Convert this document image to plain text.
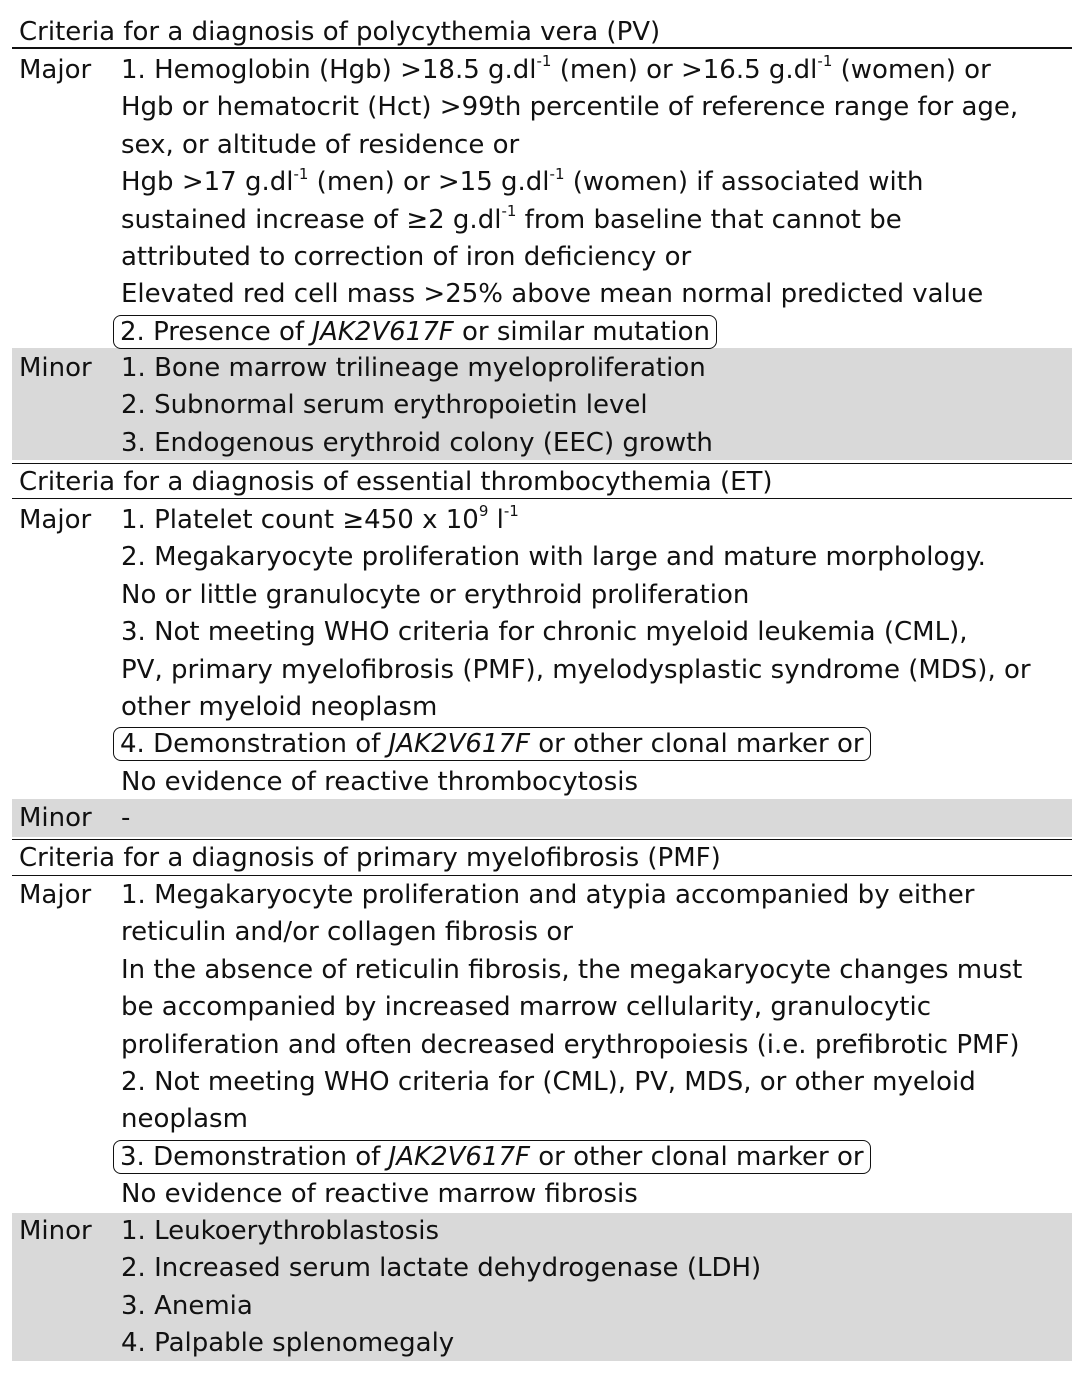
Criteria for a diagnosis of polycythemia vera (PV)
Major 1. Hemoglobin (Hgb) >18.5 $g.dl^{-1}$ (men) or >16.5 $g.dl^{-1}$ (women) or
Hgb or hematocrit (Hct) >99th percentile of reference range for age,
sex, or altitude of residence or
Hgb >17 $g.dl^{-1}$ (men) or >15 $g.dl^{-1}$ (women) if associated with
sustained increase of ≥2 $g.dl^{-1}$ from baseline that cannot be
attributed to correction of iron deficiency or
Elevated red cell mass >25% above mean normal predicted value
2. Presence of JAK2V617F or similar mutation
Minor 1. Bone marrow trilineage myeloproliferation
2. Subnormal serum erythropoietin level
3. Endogenous erythroid colony (EEC) growth
Criteria for a diagnosis of essential thrombocythemia (ET)
Major 1. Platelet count ≥450 x $10^9$ $l^{-1}$
2. Megakaryocyte proliferation with large and mature morphology.
No or little granulocyte or erythroid proliferation
3. Not meeting WHO criteria for chronic myeloid leukemia (CML),
PV, primary myelofibrosis (PMF), myelodysplastic syndrome (MDS), or
other myeloid neoplasm
4. Demonstration of JAK2V617F or other clonal marker or
No evidence of reactive thrombocytosis
Minor -
Criteria for a diagnosis of primary myelofibrosis (PMF)
Major 1. Megakaryocyte proliferation and atypia accompanied by either
reticulin and/or collagen fibrosis or
In the absence of reticulin fibrosis, the megakaryocyte changes must
be accompanied by increased marrow cellularity, granulocytic
proliferation and often decreased erythropoiesis (i.e. prefibrotic PMF)
2. Not meeting WHO criteria for (CML), PV, MDS, or other myeloid
neoplasm
3. Demonstration of JAK2V617F or other clonal marker or
No evidence of reactive marrow fibrosis
Minor 1. Leukoerythroblastosis
2. Increased serum lactate dehydrogenase (LDH)
3. Anemia
4. Palpable splenomegaly
